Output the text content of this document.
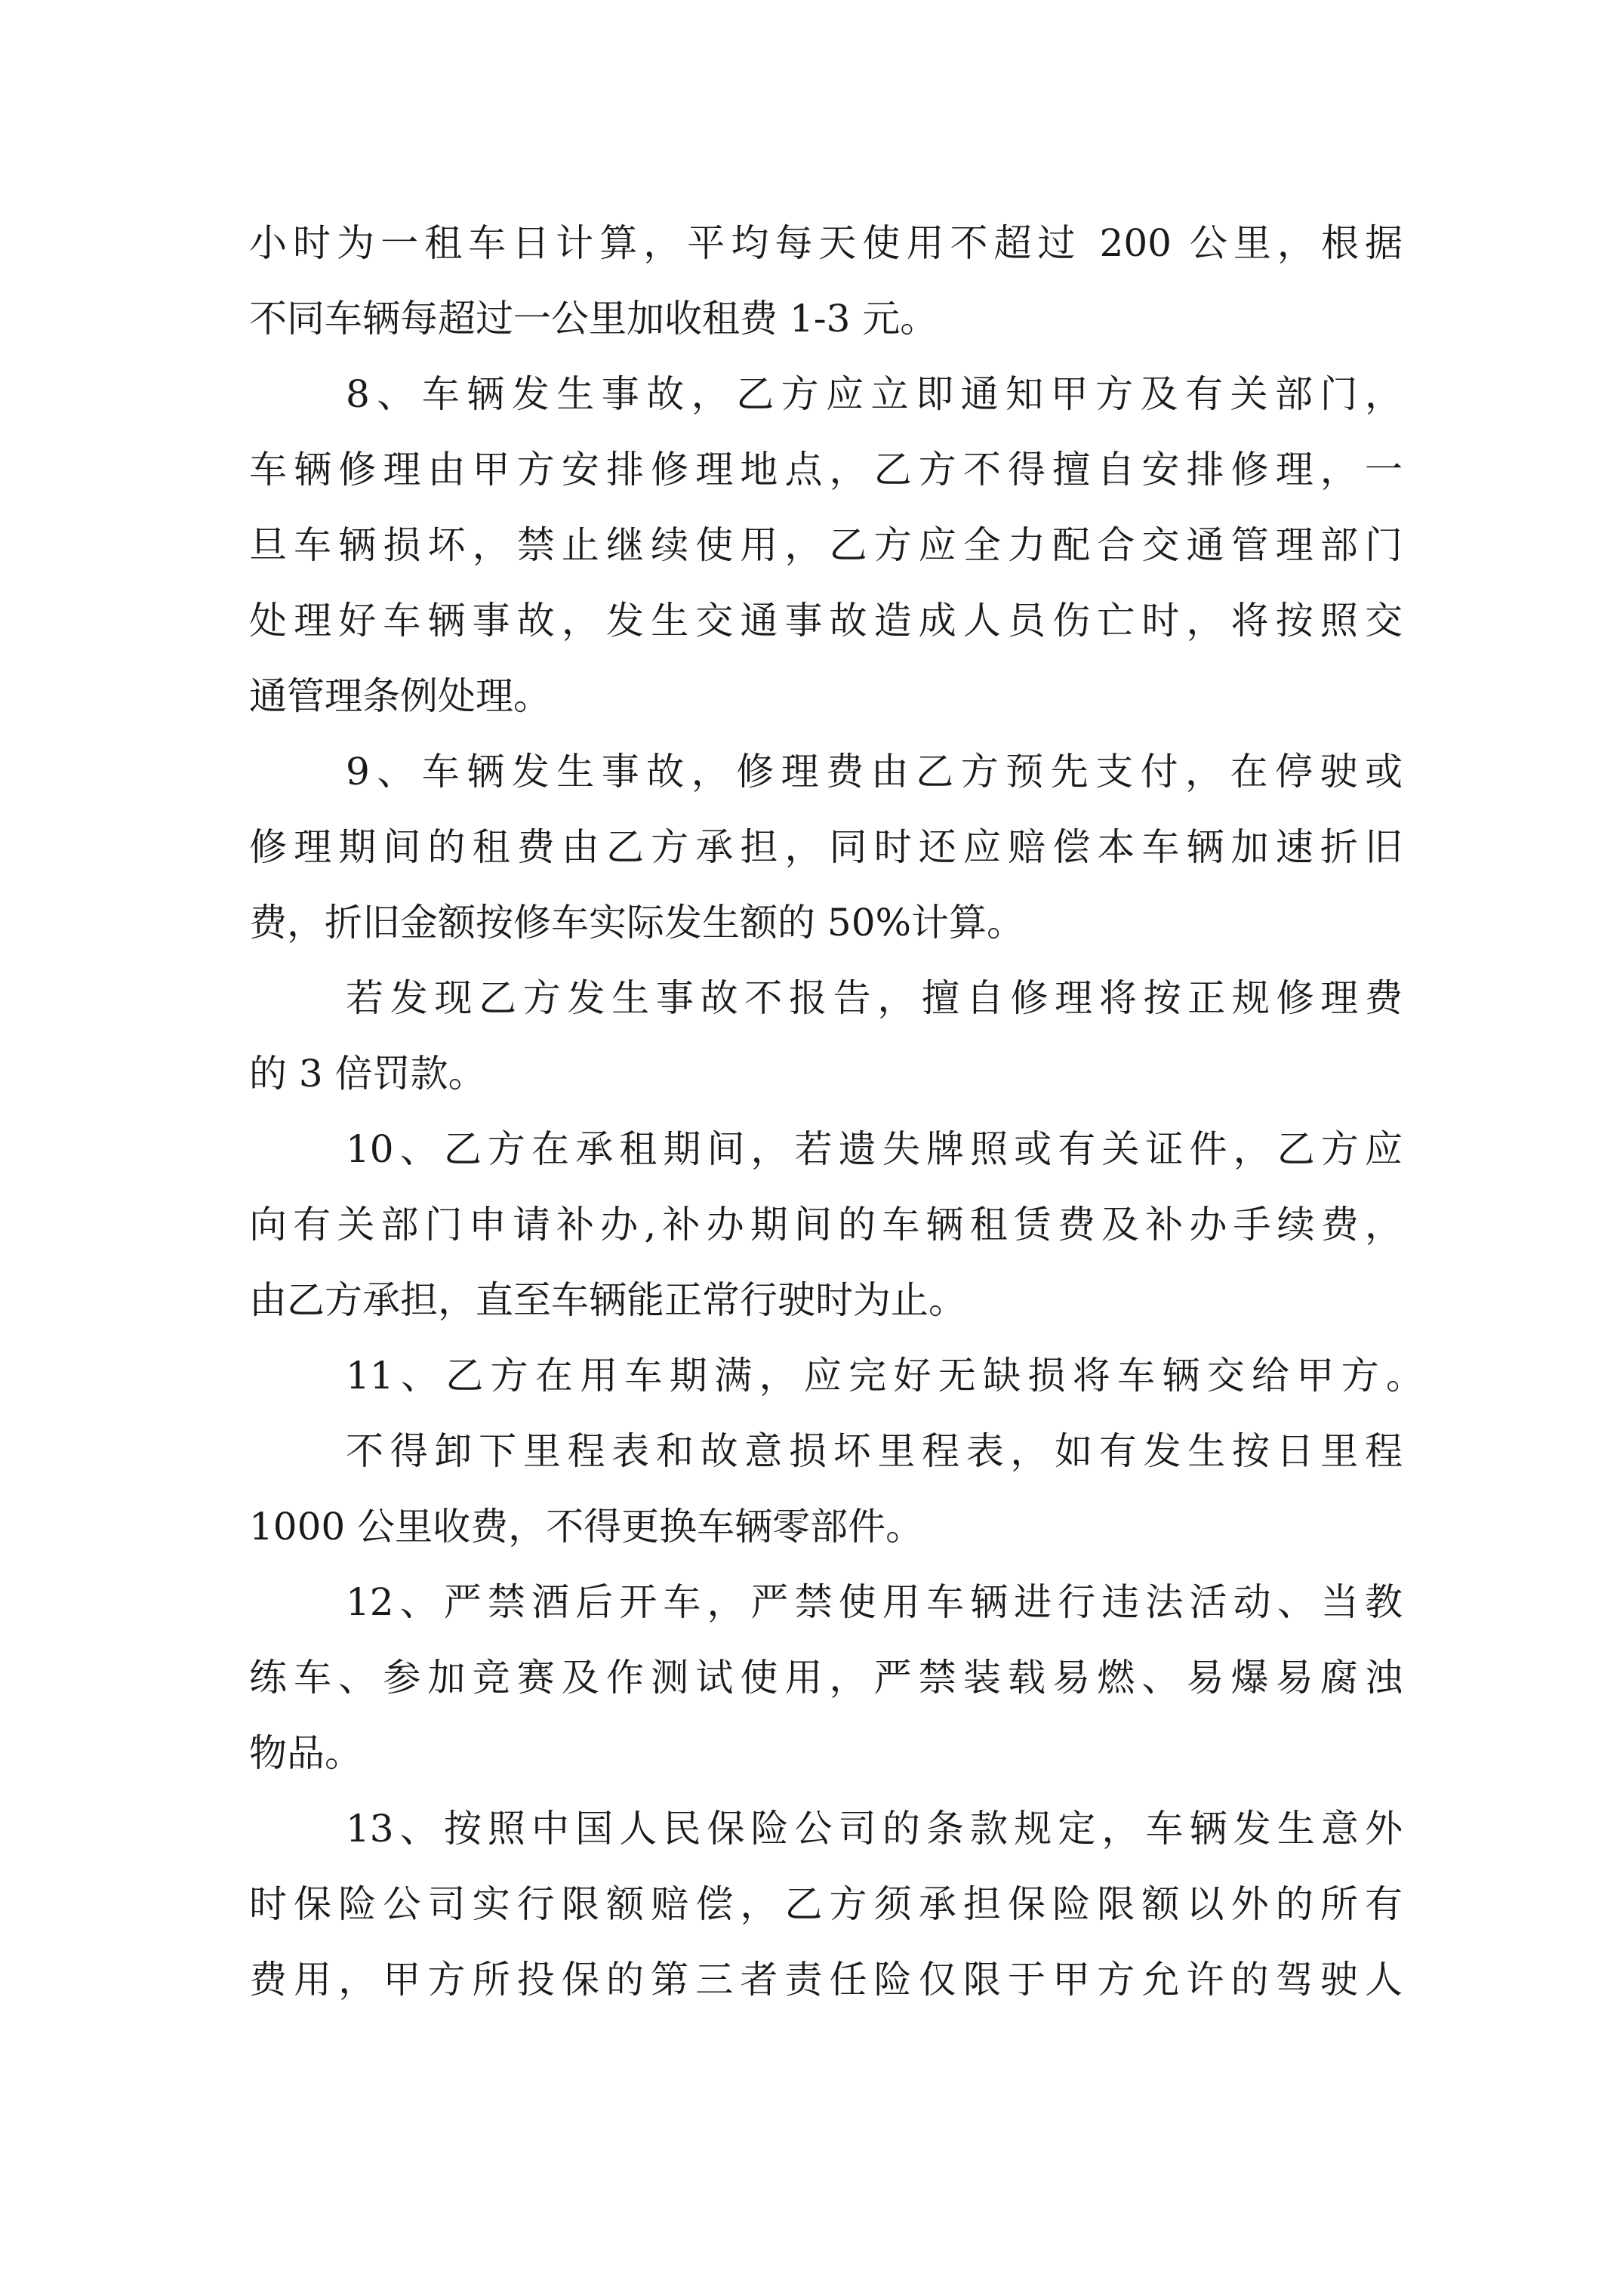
小时为一租车日计算，平均每天使用不超过 200 公里，根据
不同车辆每超过一公里加收租费 1-3 元。
8、车辆发生事故，乙方应立即通知甲方及有关部门，
车辆修理由甲方安排修理地点，乙方不得擅自安排修理，一
旦车辆损坏，禁止继续使用，乙方应全力配合交通管理部门
处理好车辆事故，发生交通事故造成人员伤亡时，将按照交
通管理条例处理。
9、车辆发生事故，修理费由乙方预先支付，在停驶或
修理期间的租费由乙方承担，同时还应赔偿本车辆加速折旧
费，折旧金额按修车实际发生额的 50%计算。
若发现乙方发生事故不报告，擅自修理将按正规修理费
的 3 倍罚款。
10、乙方在承租期间，若遗失牌照或有关证件，乙方应
向有关部门申请补办,补办期间的车辆租赁费及补办手续费，
由乙方承担，直至车辆能正常行驶时为止。
11、乙方在用车期满，应完好无缺损将车辆交给甲方。
不得卸下里程表和故意损坏里程表，如有发生按日里程
1000 公里收费，不得更换车辆零部件。
12、严禁酒后开车，严禁使用车辆进行违法活动、当教
练车、参加竞赛及作测试使用，严禁装载易燃、易爆易腐浊
物品。
13、按照中国人民保险公司的条款规定，车辆发生意外
时保险公司实行限额赔偿，乙方须承担保险限额以外的所有
费用，甲方所投保的第三者责任险仅限于甲方允许的驾驶人
